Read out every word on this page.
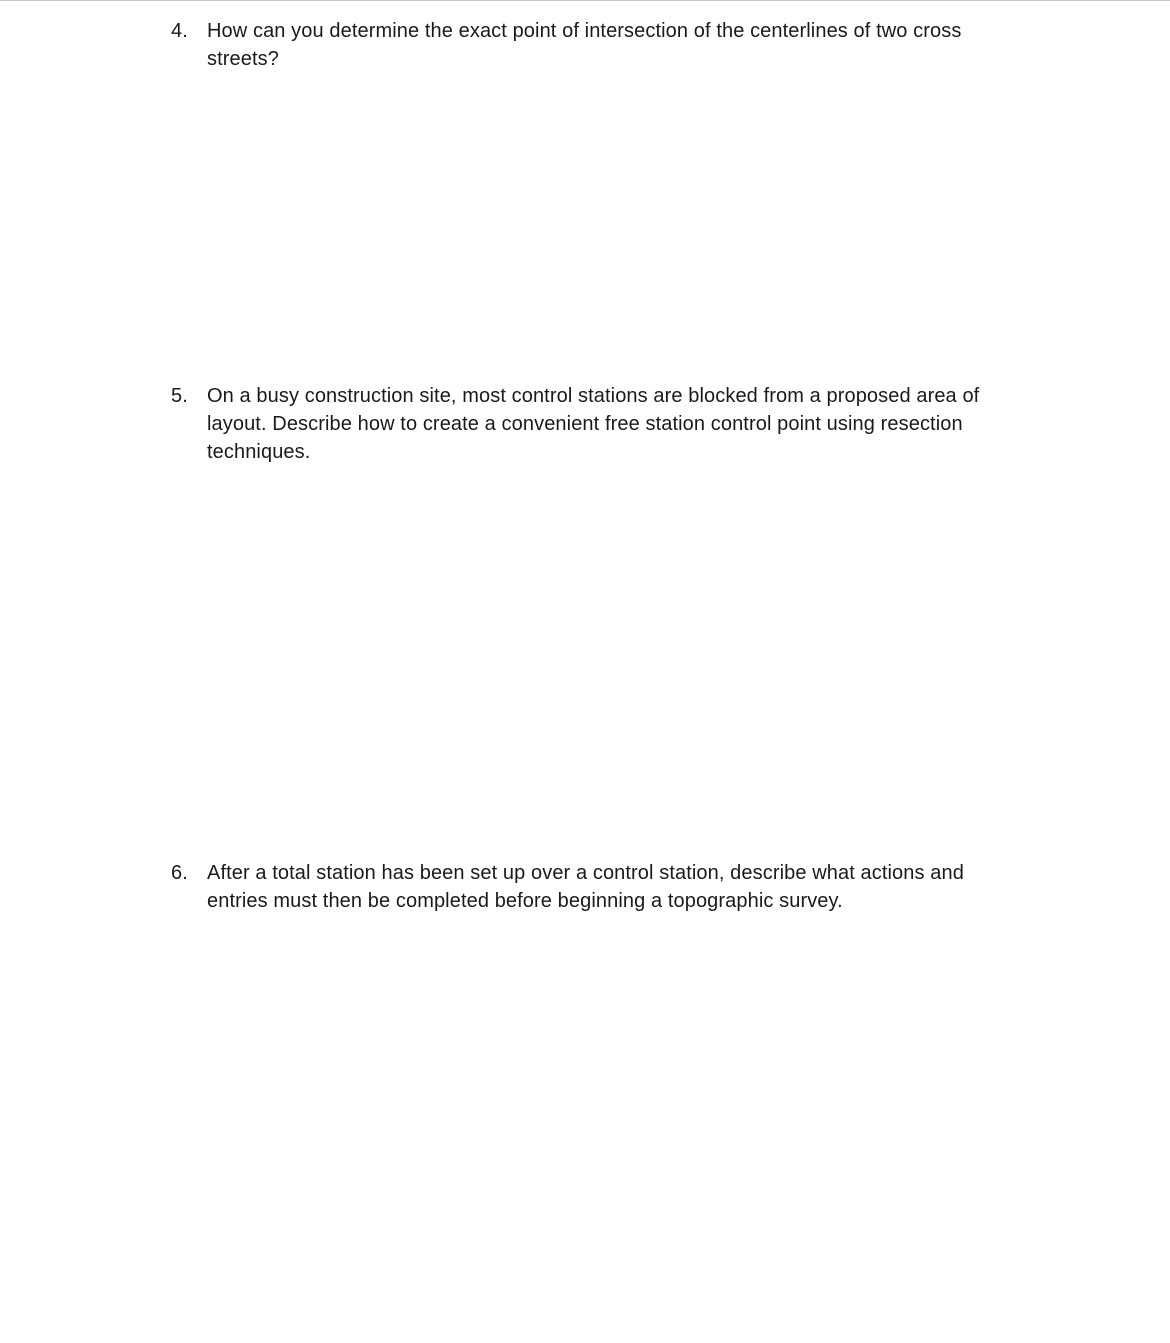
4. How can you determine the exact point of intersection of the centerlines of two cross
streets?
5. On a busy construction site, most control stations are blocked from a proposed area of
layout. Describe how to create a convenient free station control point using resection
techniques.
6. After a total station has been set up over a control station, describe what actions and
entries must then be completed before beginning a topographic survey.
